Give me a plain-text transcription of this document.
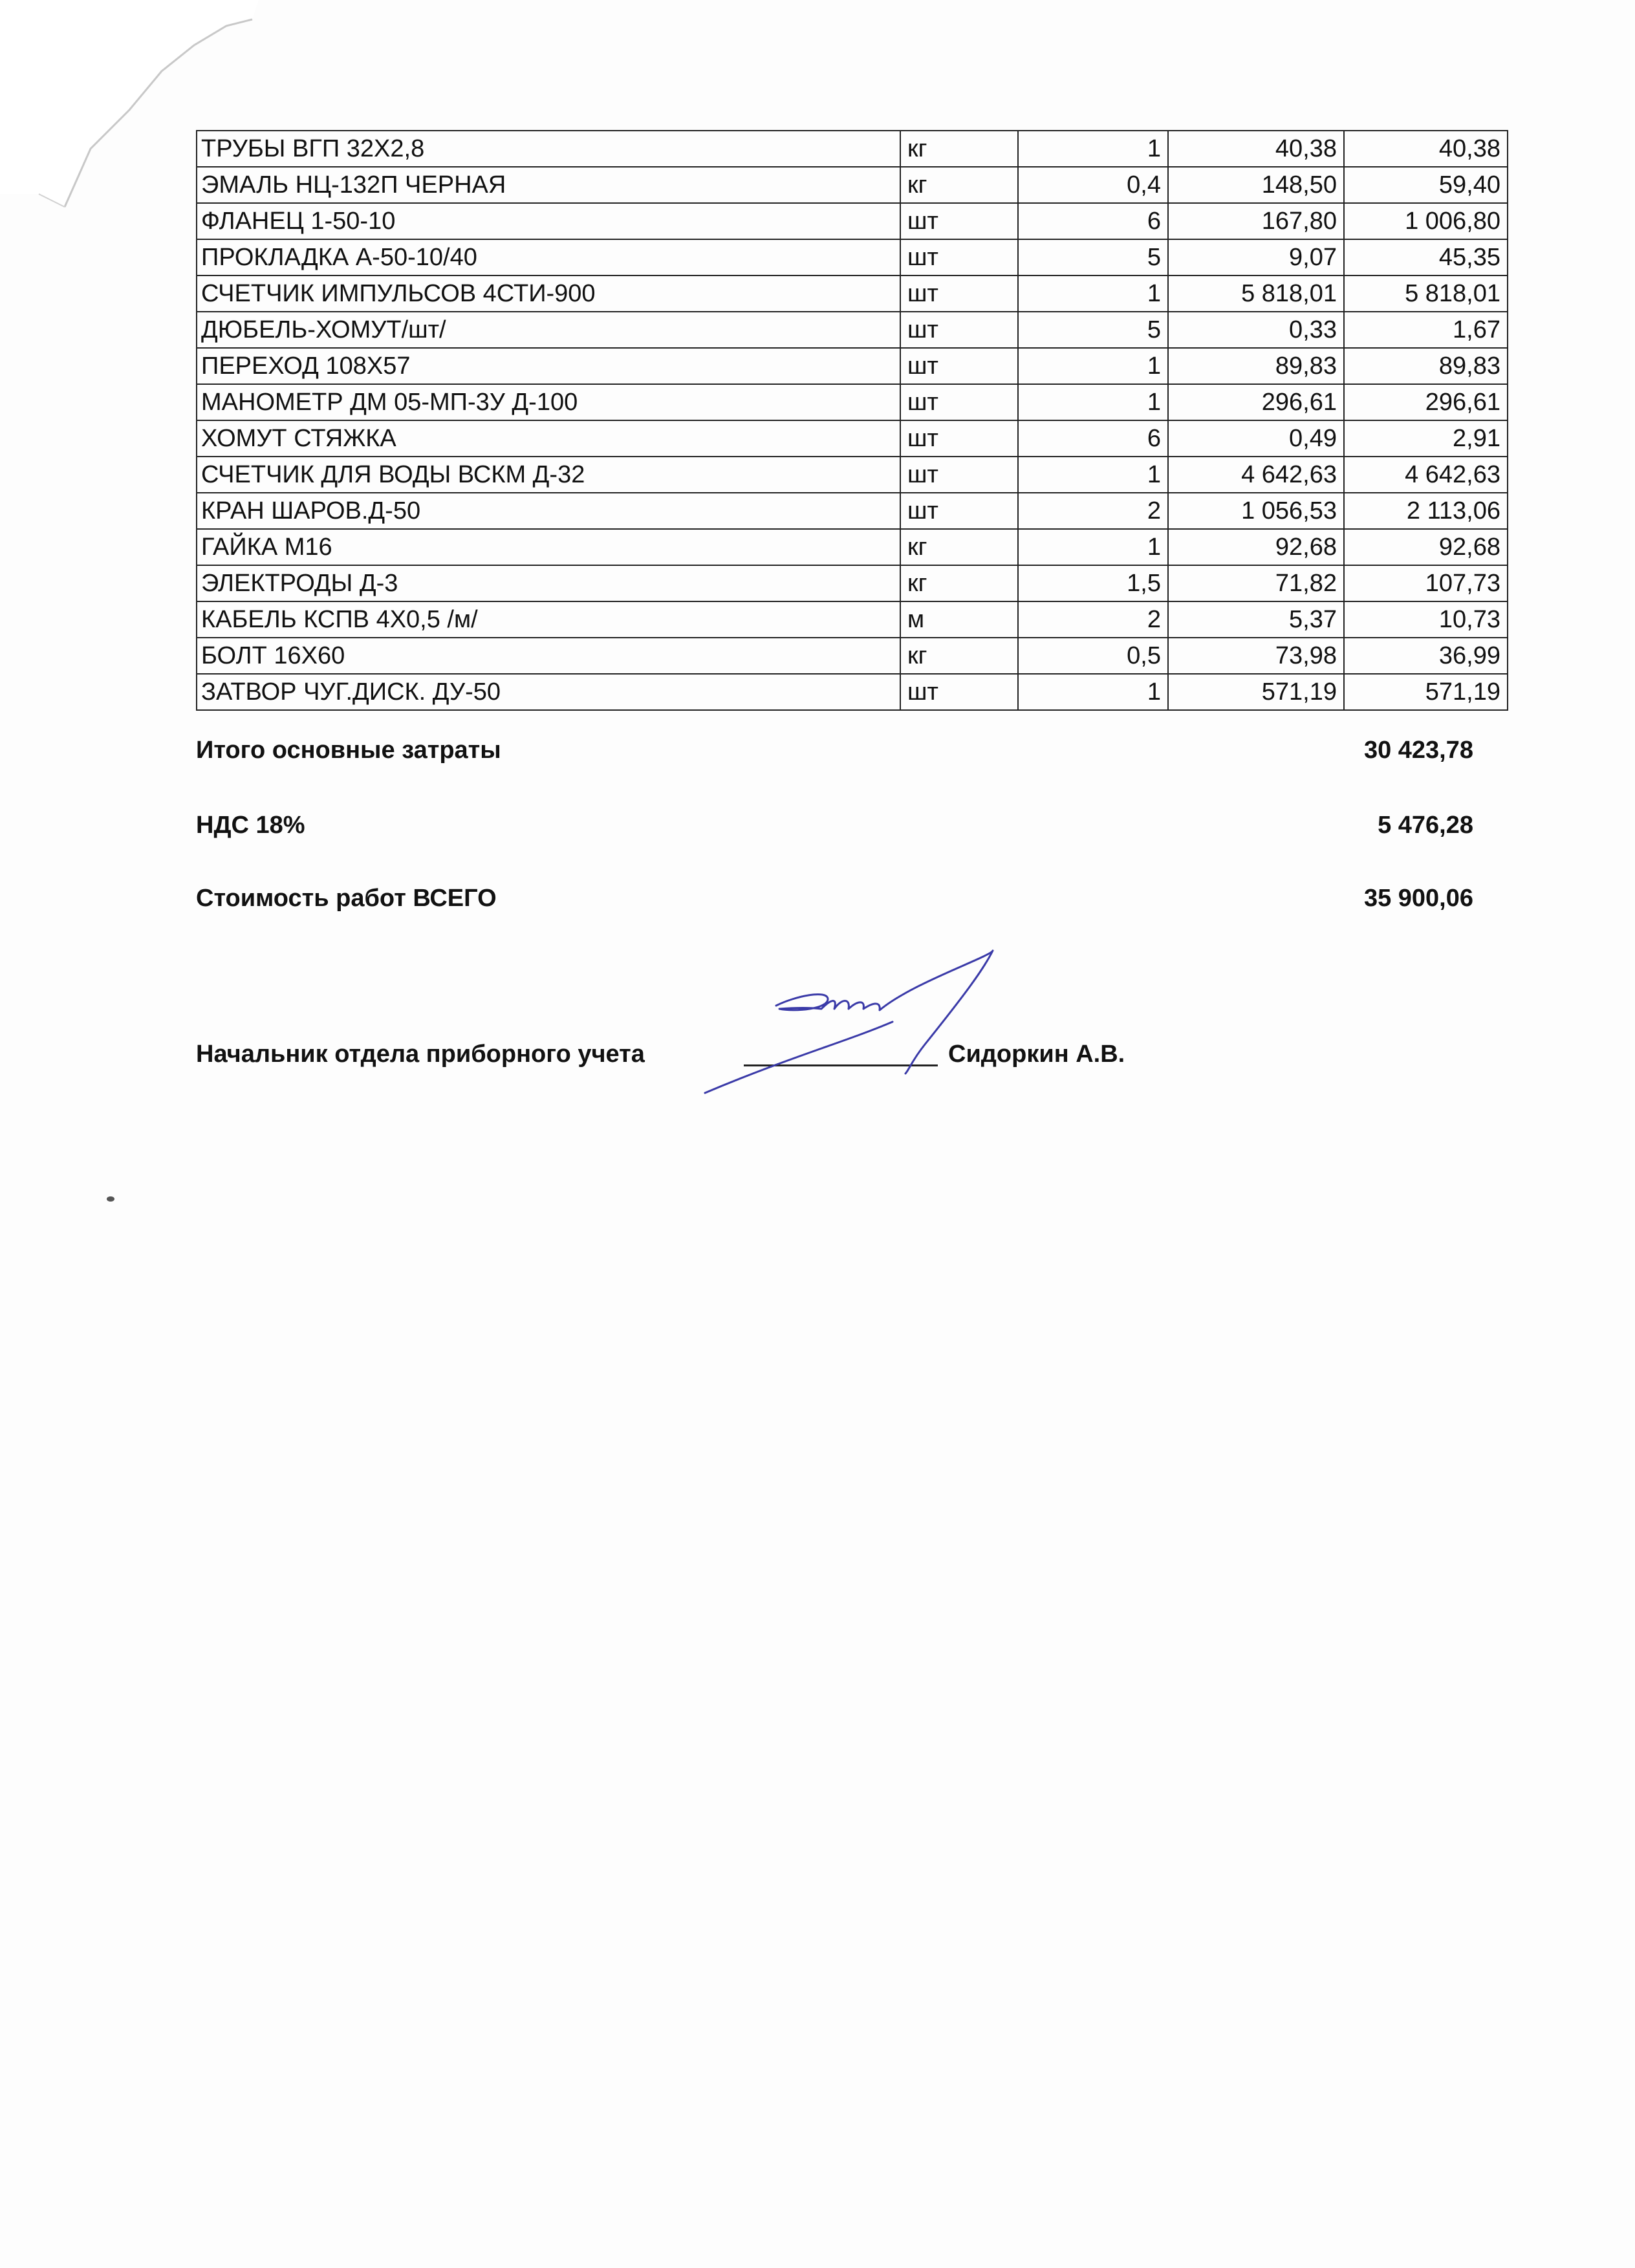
ТРУБЫ ВГП 32Х2,8	кг	1	40,38	40,38
ЭМАЛЬ НЦ-132П ЧЕРНАЯ	кг	0,4	148,50	59,40
ФЛАНЕЦ 1-50-10	шт	6	167,80	1 006,80
ПРОКЛАДКА А-50-10/40	шт	5	9,07	45,35
СЧЕТЧИК ИМПУЛЬСОВ 4СТИ-900	шт	1	5 818,01	5 818,01
ДЮБЕЛЬ-ХОМУТ/шт/	шт	5	0,33	1,67
ПЕРЕХОД 108Х57	шт	1	89,83	89,83
МАНОМЕТР ДМ 05-МП-3У Д-100	шт	1	296,61	296,61
ХОМУТ СТЯЖКА	шт	6	0,49	2,91
СЧЕТЧИК ДЛЯ ВОДЫ ВСКМ Д-32	шт	1	4 642,63	4 642,63
КРАН ШАРОВ.Д-50	шт	2	1 056,53	2 113,06
ГАЙКА М16	кг	1	92,68	92,68
ЭЛЕКТРОДЫ Д-3	кг	1,5	71,82	107,73
КАБЕЛЬ КСПВ 4Х0,5 /м/	м	2	5,37	10,73
БОЛТ 16Х60	кг	0,5	73,98	36,99
ЗАТВОР ЧУГ.ДИСК. ДУ-50	шт	1	571,19	571,19
Итого основные затраты	30 423,78
НДС 18%	5 476,28
Стоимость работ ВСЕГО	35 900,06
Начальник отдела приборного учета	Сидоркин А.В.
